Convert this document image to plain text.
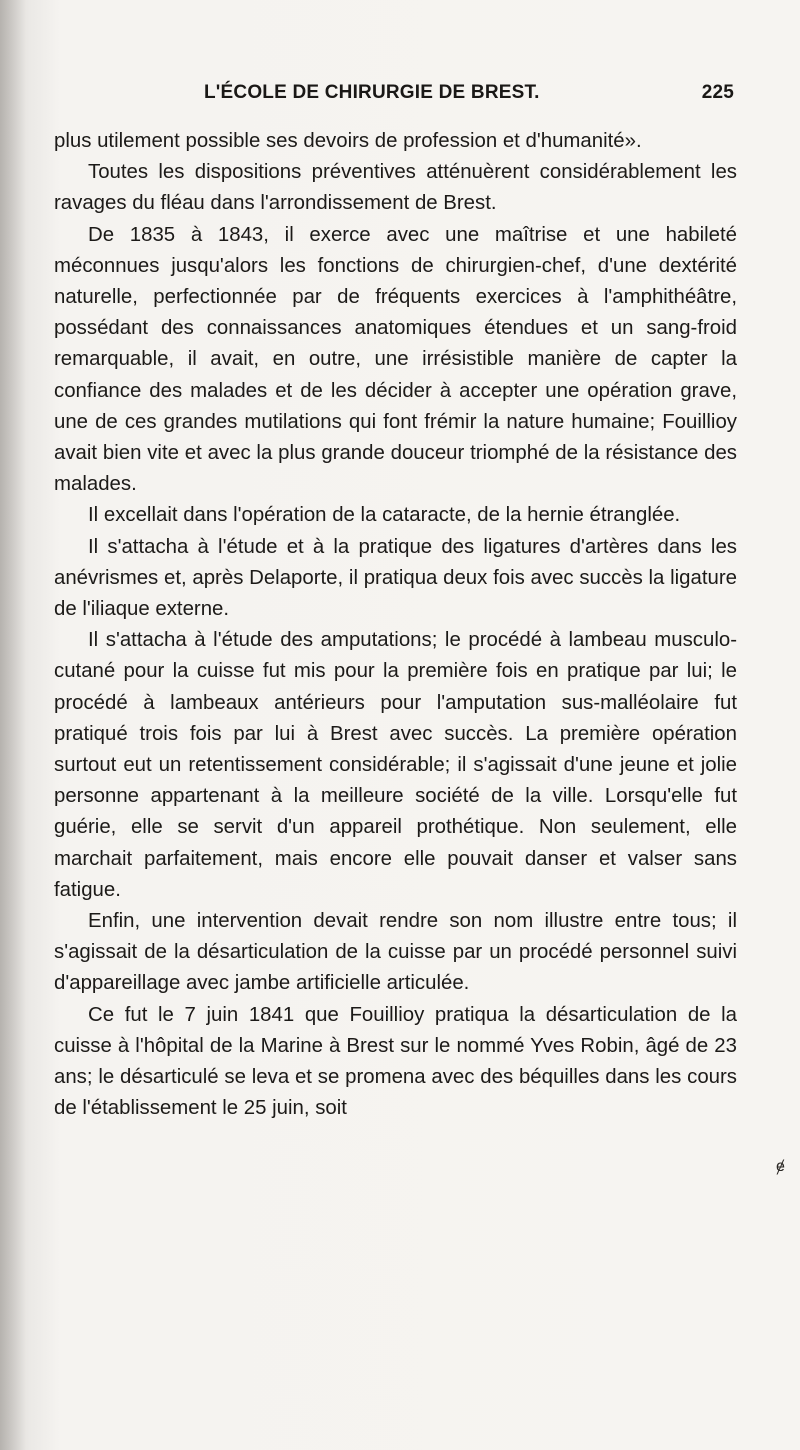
L'ÉCOLE DE CHIRURGIE DE BREST.	225

plus utilement possible ses devoirs de profession et d'humanité».

Toutes les dispositions préventives atténuèrent considérablement les ravages du fléau dans l'arrondissement de Brest.

De 1835 à 1843, il exerce avec une maîtrise et une habileté méconnues jusqu'alors les fonctions de chirurgien-chef, d'une dextérité naturelle, perfectionnée par de fréquents exercices à l'amphithéâtre, possédant des connaissances anatomiques étendues et un sang-froid remarquable, il avait, en outre, une irrésistible manière de capter la confiance des malades et de les décider à accepter une opération grave, une de ces grandes mutilations qui font frémir la nature humaine; Fouillioy avait bien vite et avec la plus grande douceur triomphé de la résistance des malades.

Il excellait dans l'opération de la cataracte, de la hernie étranglée.

Il s'attacha à l'étude et à la pratique des ligatures d'artères dans les anévrismes et, après Delaporte, il pratiqua deux fois avec succès la ligature de l'iliaque externe.

Il s'attacha à l'étude des amputations; le procédé à lambeau musculo-cutané pour la cuisse fut mis pour la première fois en pratique par lui; le procédé à lambeaux antérieurs pour l'amputation sus-malléolaire fut pratiqué trois fois par lui à Brest avec succès. La première opération surtout eut un retentissement considérable; il s'agissait d'une jeune et jolie personne appartenant à la meilleure société de la ville. Lorsqu'elle fut guérie, elle se servit d'un appareil prothétique. Non seulement, elle marchait parfaitement, mais encore elle pouvait danser et valser sans fatigue.

Enfin, une intervention devait rendre son nom illustre entre tous; il s'agissait de la désarticulation de la cuisse par un procédé personnel suivi d'appareillage avec jambe artificielle articulée.

Ce fut le 7 juin 1841 que Fouillioy pratiqua la désarticulation de la cuisse à l'hôpital de la Marine à Brest sur le nommé Yves Robin, âgé de 23 ans; le désarticulé se leva et se promena avec des béquilles dans les cours de l'établissement le 25 juin, soit

ɇ
